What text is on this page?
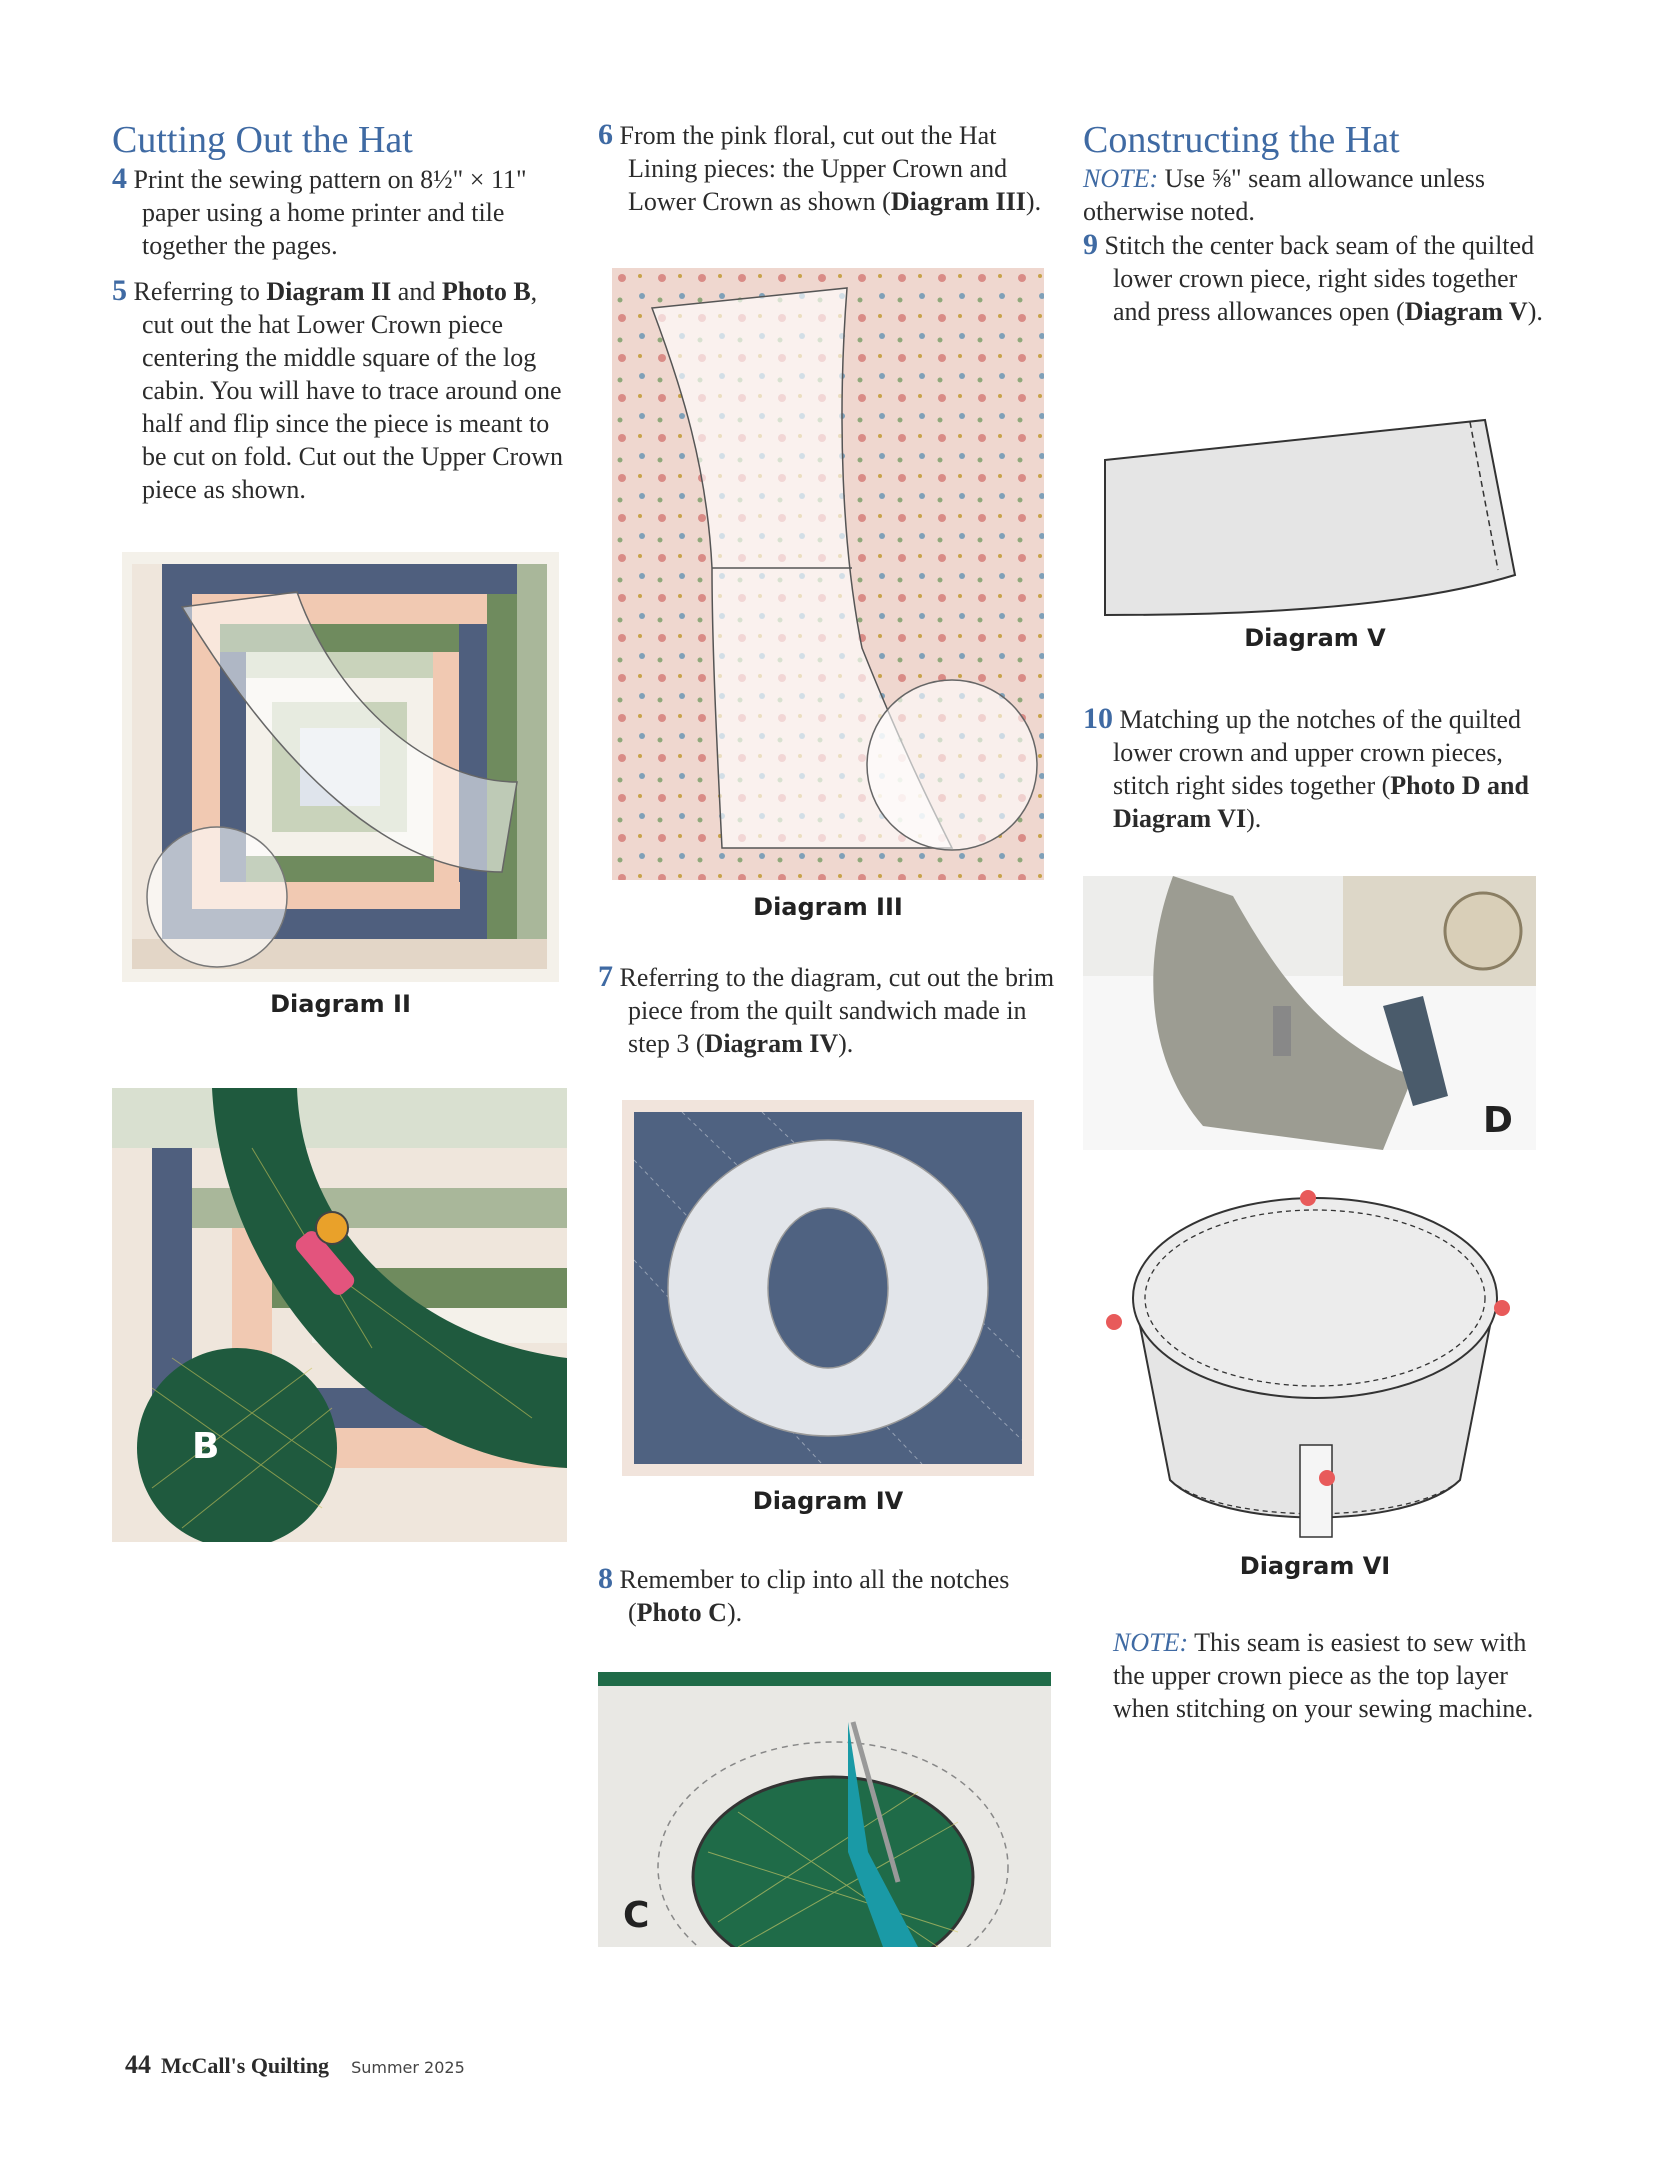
Cutting Out the Hat

4 Print the sewing pattern on 8½" × 11" paper using a home printer and tile together the pages.

5 Referring to Diagram II and Photo B, cut out the hat Lower Crown piece centering the middle square of the log cabin. You will have to trace around one half and flip since the piece is meant to be cut on fold. Cut out the Upper Crown piece as shown.

Diagram II
B

6 From the pink floral, cut out the Hat Lining pieces: the Upper Crown and Lower Crown as shown (Diagram III).

Diagram III

7 Referring to the diagram, cut out the brim piece from the quilt sandwich made in step 3 (Diagram IV).

Diagram IV

8 Remember to clip into all the notches (Photo C).

C
Constructing the Hat

NOTE: Use ⅝" seam allowance unless otherwise noted.

9 Stitch the center back seam of the quilted lower crown piece, right sides together and press allowances open (Diagram V).

Diagram V

10 Matching up the notches of the quilted lower crown and upper crown pieces, stitch right sides together (Photo D and Diagram VI).

D
Diagram VI

NOTE: This seam is easiest to sew with the upper crown piece as the top layer when stitching on your sewing machine.

44 McCall's Quilting Summer 2025
